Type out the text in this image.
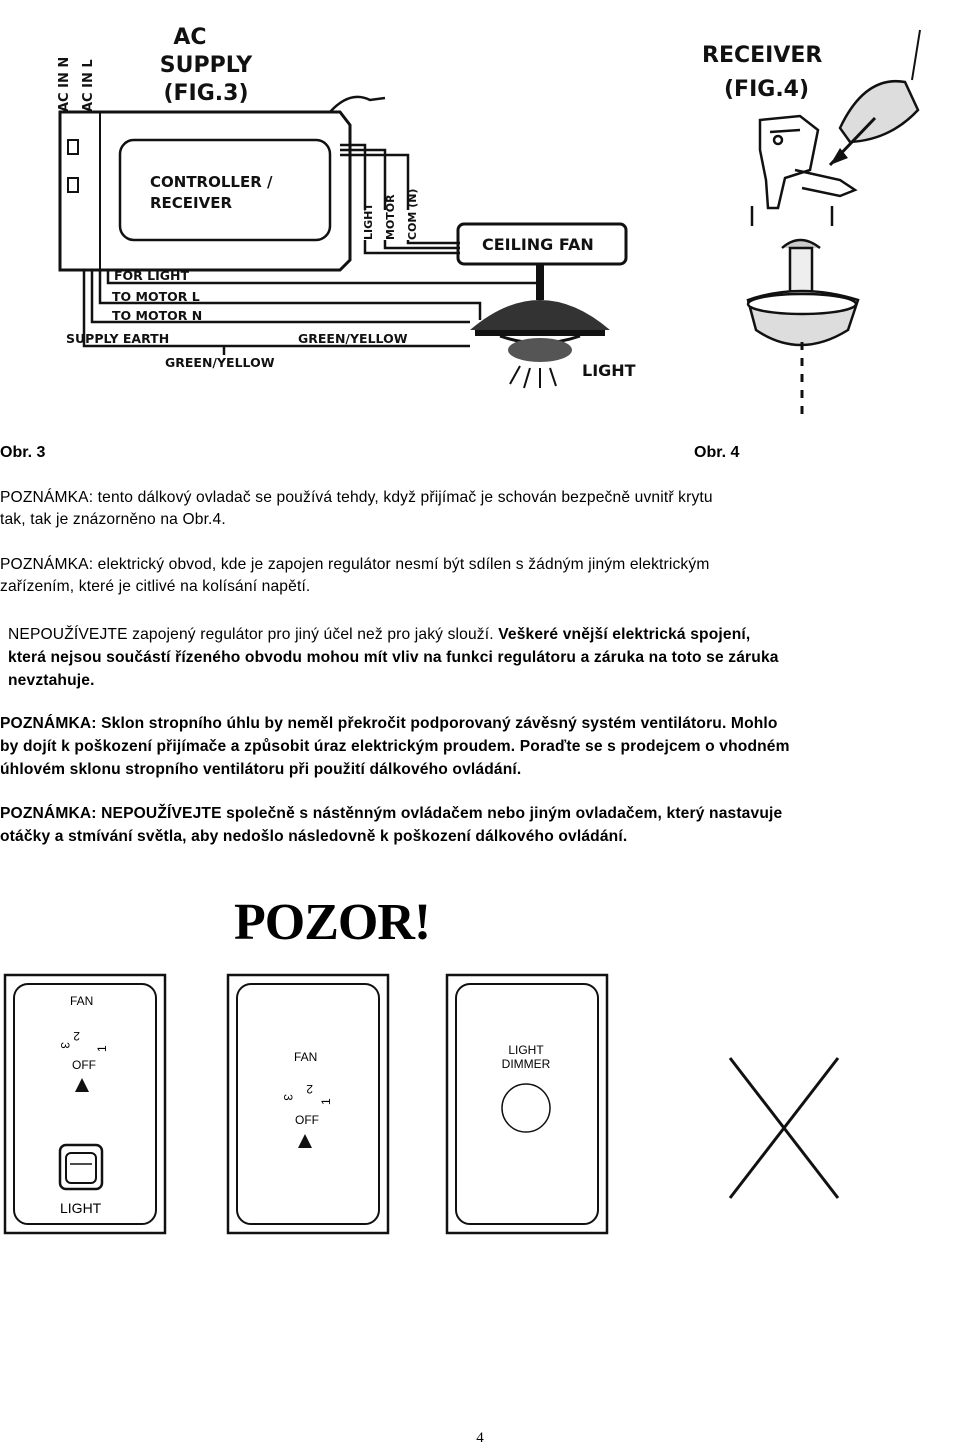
AC
SUPPLY
(FIG.3)
AC IN N AC IN L
CONTROLLER /
RECEIVER
LIGHT MOTOR COM (N)
CEILING FAN
LIGHT
FOR LIGHT
TO MOTOR L
TO MOTOR N
SUPPLY EARTH	GREEN/YELLOW
GREEN/YELLOW
RECEIVER
(FIG.4)
Obr. 3	Obr. 4
POZNÁMKA: tento dálkový ovladač se používá tehdy, když přijímač je schován bezpečně uvnitř krytu
tak, tak je znázorněno na Obr.4.
POZNÁMKA: elektrický obvod, kde je zapojen regulátor nesmí být sdílen s žádným jiným elektrickým
zařízením, které je citlivé na kolísání napětí.
NEPOUŽÍVEJTE zapojený regulátor pro jiný účel než pro jaký slouží. Veškeré vnější elektrická spojení,
která nejsou součástí řízeného obvodu mohou mít vliv na funkci regulátoru a záruka na toto se záruka
nevztahuje.
POZNÁMKA: Sklon stropního úhlu by neměl překročit podporovaný závěsný systém ventilátoru. Mohlo
by dojít k poškození přijímače a způsobit úraz elektrickým proudem. Poraďte se s prodejcem o vhodném
úhlovém sklonu stropního ventilátoru při použití dálkového ovládání.
POZNÁMKA: NEPOUŽÍVEJTE společně s nástěnným ovládačem nebo jiným ovladačem, který nastavuje
otáčky a stmívání světla, aby nedošlo následovně k poškození dálkového ovládání.
POZOR!
FAN
2
3 1
OFF
LIGHT
FAN
2
3
1
OFF
LIGHT
DIMMER
4
